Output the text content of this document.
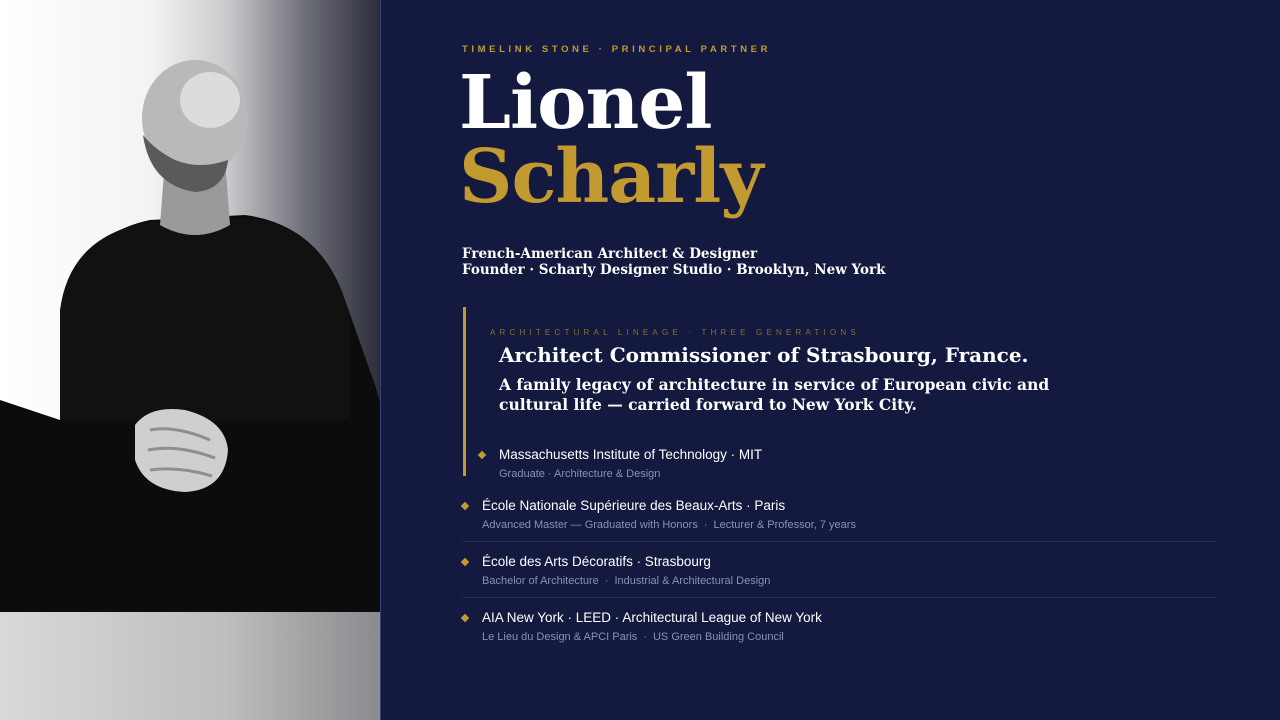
TIMELINK STONE · PRINCIPAL PARTNER
Lionel
Scharly
French-American Architect & Designer
Founder · Scharly Designer Studio · Brooklyn, New York
ARCHITECTURAL LINEAGE · THREE GENERATIONS
Architect Commissioner of Strasbourg, France.
A family legacy of architecture in service of European civic and cultural life — carried forward to New York City.
Massachusetts Institute of Technology · MIT
Graduate · Architecture & Design
École Nationale Supérieure des Beaux-Arts · Paris
Advanced Master — Graduated with Honors · Lecturer & Professor, 7 years
École des Arts Décoratifs · Strasbourg
Bachelor of Architecture · Industrial & Architectural Design
AIA New York · LEED · Architectural League of New York
Le Lieu du Design & APCI Paris · US Green Building Council
